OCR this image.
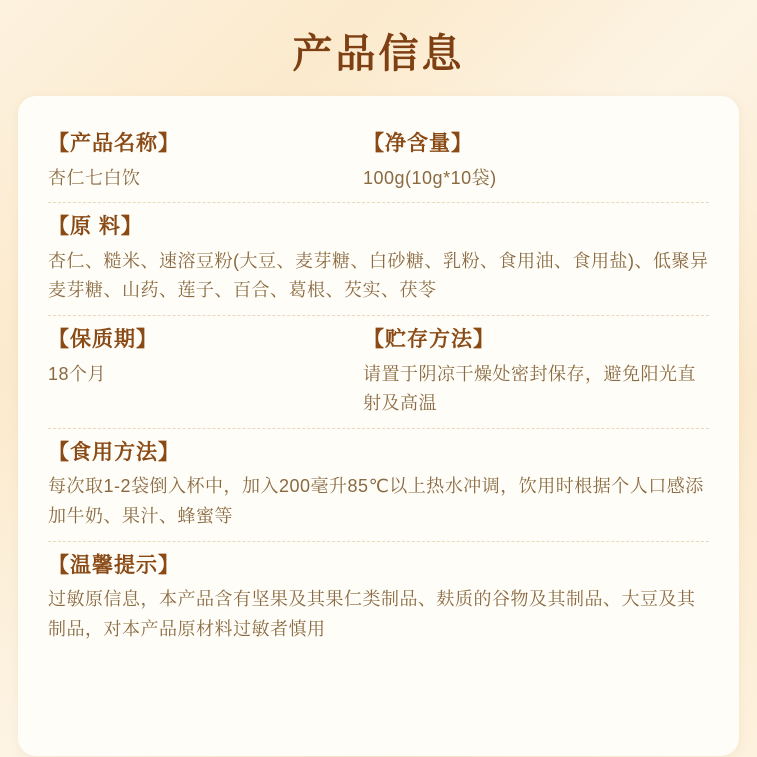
产品信息
【产品名称】
杏仁七白饮
【净含量】
100g(10g*10袋)
【原 料】
杏仁、糙米、速溶豆粉(大豆、麦芽糖、白砂糖、乳粉、食用油、食用盐)、低聚异麦芽糖、山药、莲子、百合、葛根、芡实、茯苓
【保质期】
18个月
【贮存方法】
请置于阴凉干燥处密封保存，避免阳光直射及高温
【食用方法】
每次取1-2袋倒入杯中，加入200毫升85℃以上热水冲调，饮用时根据个人口感添加牛奶、果汁、蜂蜜等
【温馨提示】
过敏原信息，本产品含有坚果及其果仁类制品、麸质的谷物及其制品、大豆及其制品，对本产品原材料过敏者慎用
